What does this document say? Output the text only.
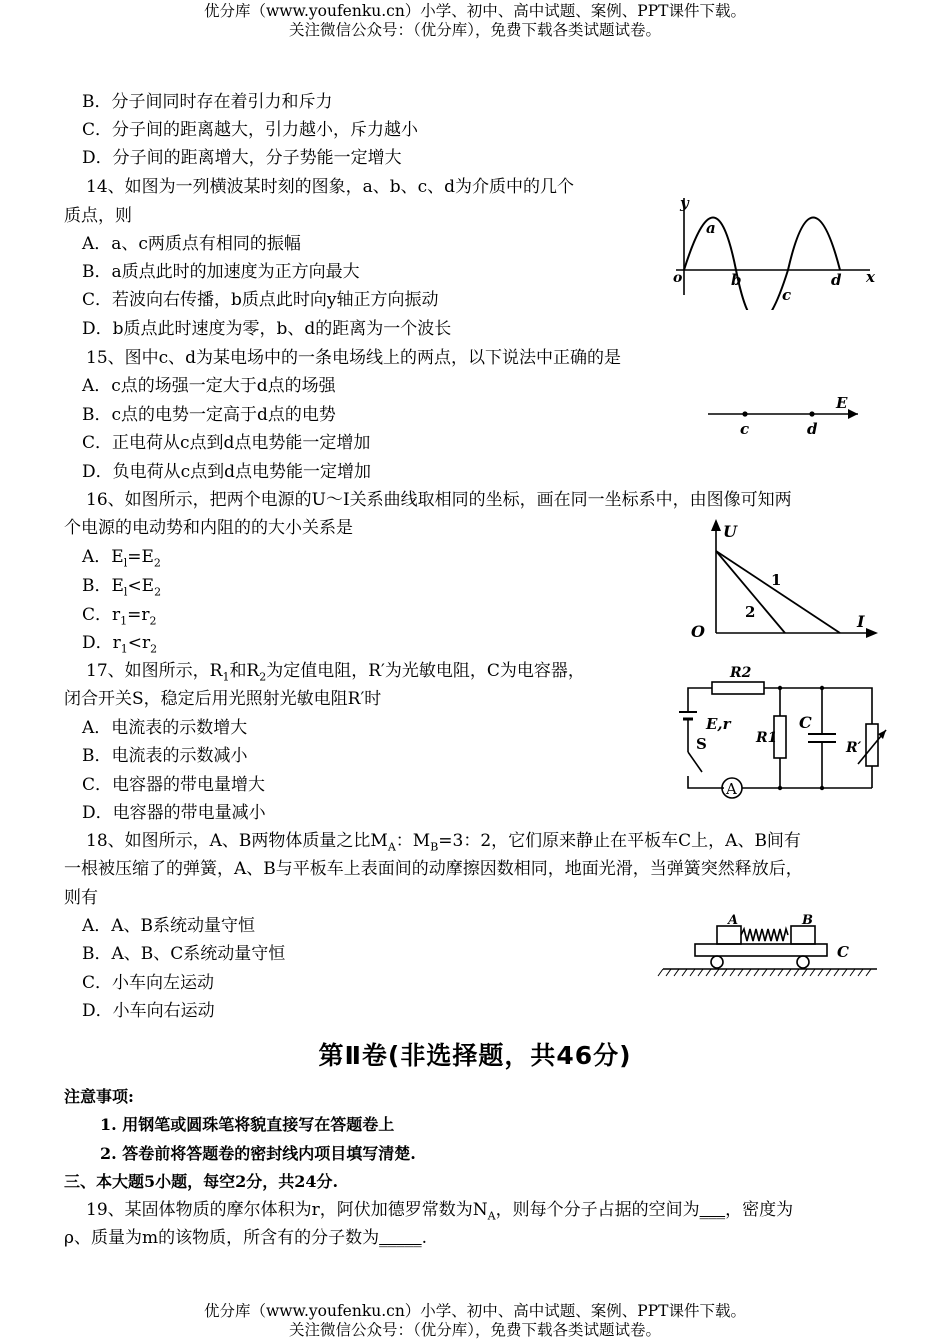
优分库（www.youfenku.cn）小学、初中、高中试题、案例、PPT课件下载。
关注微信公众号：（优分库），免费下载各类试题试卷。
B．分子间同时存在着引力和斥力
C．分子间的距离越大，引力越小，斥力越小
D．分子间的距离增大，分子势能一定增大
14、如图为一列横波某时刻的图象，a、b、c、d为介质中的几个
质点，则
A．a、c两质点有相同的振幅
B．a质点此时的加速度为正方向最大
C．若波向右传播，b质点此时向y轴正方向振动
D．b质点此时速度为零，b、d的距离为一个波长
y
x
o
a
b
c
d
15、图中c、d为某电场中的一条电场线上的两点，以下说法中正确的是
A．c点的场强一定大于d点的场强
B．c点的电势一定高于d点的电势
C．正电荷从c点到d点电势能一定增加
D．负电荷从c点到d点电势能一定增加
E
c	d
16、如图所示，把两个电源的U～I关系曲线取相同的坐标，画在同一坐标系中，由图像可知两
个电源的电动势和内阻的的大小关系是
A．$E_l=E_2$
B．$E_l<E_2$
C．$r_1=r_2$
D．$r_1<r_2$
U
I
O
1
2
17、如图所示，$R_1$和$R_2$为定值电阻，R′为光敏电阻，C为电容器，
闭合开关S，稳定后用光照射光敏电阻R′时
A．电流表的示数增大
B．电流表的示数减小
C．电容器的带电量增大
D．电容器的带电量减小
R2
E,r
R1
C
R′
S
A
18、如图所示，A、B两物体质量之比$M_A$：$M_B=3$：2，它们原来静止在平板车C上，A、B间有
一根被压缩了的弹簧，A、B与平板车上表面间的动摩擦因数相同，地面光滑，当弹簧突然释放后，
则有
A．A、B系统动量守恒
B．A、B、C系统动量守恒
C．小车向左运动
D．小车向右运动
A	B
C
第Ⅱ卷(非选择题，共46分)
注意事项:
1. 用钢笔或圆珠笔将貌直接写在答题卷上
2. 答卷前将答题卷的密封线内项目填写清楚.
三、本大题5小题，每空2分，共24分.
19、某固体物质的摩尔体积为r，阿伏加德罗常数为$N_A$，则每个分子占据的空间为___，密度为
ρ、质量为m的该物质，所含有的分子数为_____.
优分库（www.youfenku.cn）小学、初中、高中试题、案例、PPT课件下载。
关注微信公众号：（优分库），免费下载各类试题试卷。
